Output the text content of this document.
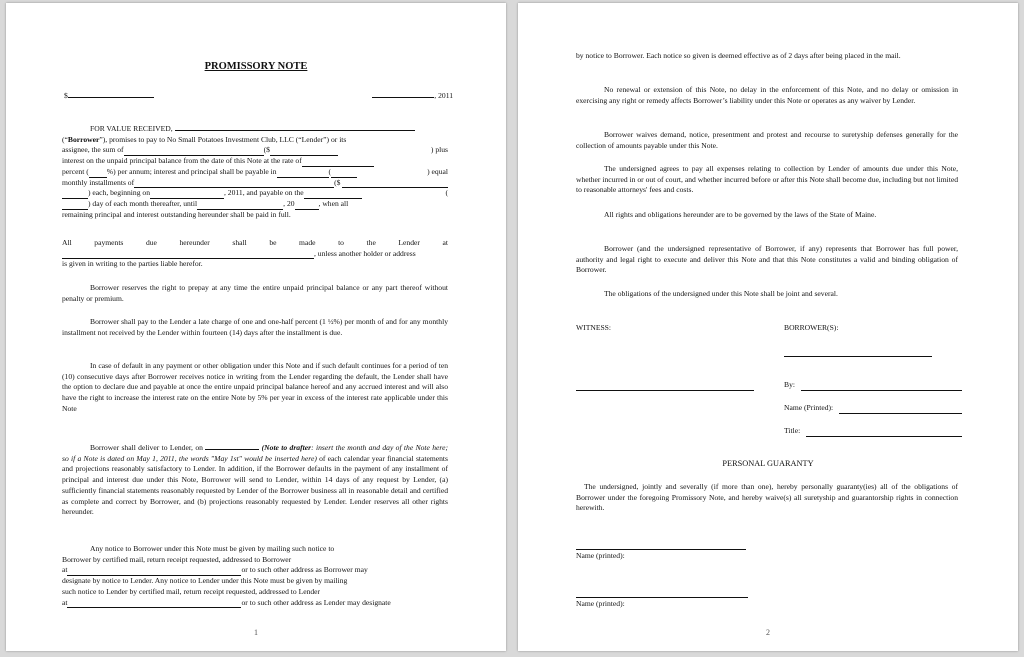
PROMISSORY NOTE
$	, 2011
FOR VALUE RECEIVED,
(“Borrower”), promises to pay to No Small Potatoes Investment Club, LLC (“Lender”) or its
assignee, the sum of	($	) plus
interest on the unpaid principal balance from the date of this Note at the rate of
percent ( %) per annum; interest and principal shall be payable in	(	) equal
monthly installments of	($
) each, beginning on	, 2011, and payable on the	(
) day of each month thereafter, until	, 20	, when all
remaining principal and interest outstanding hereunder shall be paid in full.
All	payments	due	hereunder	shall	be	made	to	the	Lender	at
, unless another holder or address
is given in writing to the parties liable herefor.
Borrower reserves the right to prepay at any time the entire unpaid principal balance or any part thereof without penalty or premium.
Borrower shall pay to the Lender a late charge of one and one-half percent (1 ½%) per month of and for any monthly installment not received by the Lender within fourteen (14) days after the installment is due.
In case of default in any payment or other obligation under this Note and if such default continues for a period of ten (10) consecutive days after Borrower receives notice in writing from the Lender regarding the default, the Lender shall have the option to declare due and payable at once the entire unpaid principal balance hereof and any accrued interest and will also have the right to increase the interest rate on the entire Note by 5% per year in excess of the interest rate applicable under this Note
Borrower shall deliver to Lender, on	(Note to drafter: insert the month and day of the Note here; so if a Note is dated on May 1, 2011, the words "May 1st" would be inserted here) of each calendar year financial statements and projections reasonably satisfactory to Lender. In addition, if the Borrower defaults in the payment of any installment of principal and interest due under this Note, Borrower will send to Lender, within 14 days of any request by Lender, (a) sufficiently financial statements reasonably requested by Lender of the Borrower business all in reasonable detail and certified as complete and correct by Borrower, and (b) projections reasonably requested by Lender. Lender reserves all other rights hereunder.
Any notice to Borrower under this Note must be given by mailing such notice to
Borrower by certified mail, return receipt requested, addressed to Borrower
at	or to such other address as Borrower may
designate by notice to Lender. Any notice to Lender under this Note must be given by mailing
such notice to Lender by certified mail, return receipt requested, addressed to Lender
at	or to such other address as Lender may designate
1
by notice to Borrower. Each notice so given is deemed effective as of 2 days after being placed in the mail.
No renewal or extension of this Note, no delay in the enforcement of this Note, and no delay or omission in exercising any right or remedy affects Borrower’s liability under this Note or operates as any waiver by Lender.
Borrower waives demand, notice, presentment and protest and recourse to suretyship defenses generally for the collection of amounts payable under this Note.
The undersigned agrees to pay all expenses relating to collection by Lender of amounts due under this Note, whether incurred in or out of court, and whether incurred before or after this Note shall become due, including but not limited to reasonable attorneys' fees and costs.
All rights and obligations hereunder are to be governed by the laws of the State of Maine.
Borrower (and the undersigned representative of Borrower, if any) represents that Borrower has full power, authority and legal right to execute and deliver this Note and that this Note constitutes a valid and binding obligation of Borrower.
The obligations of the undersigned under this Note shall be joint and several.
WITNESS:	BORROWER(S):
By:
Name (Printed):
Title:
PERSONAL GUARANTY
The undersigned, jointly and severally (if more than one), hereby personally guaranty(ies) all of the obligations of Borrower under the foregoing Promissory Note, and hereby waive(s) all suretyship and guarantorship rights in connection herewith.
Name (printed):
Name (printed):
2
